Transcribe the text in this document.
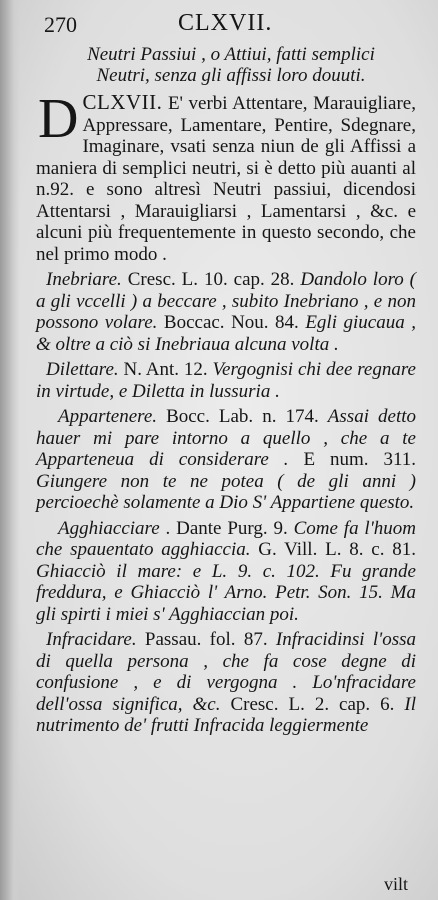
270	CLXVII.
Neutri Passiui , o Attiui, fatti semplici
Neutri, senza gli affissi loro douuti.

CLXVII.
D	E' verbi Attentare, Marauigliare, Appressare, Lamentare, Pentire, Sdegnare, Imaginare, vsati senza niun de gli Affissi a maniera di semplici neutri, si è detto più auanti al n.92. e sono altresì Neutri passiui, dicendosi Attentarsi , Marauigliarsi , Lamentarsi , &c. e alcuni più frequentemente in questo secondo, che nel primo modo .

Inebriare. Cresc. L. 10. cap. 28. Dandolo loro ( a gli vccelli ) a beccare , subito Inebriano , e non possono volare. Boccac. Nou. 84. Egli giucaua , & oltre a ciò si Inebriaua alcuna volta .

Dilettare. N. Ant. 12. Vergognisi chi dee regnare in virtude, e Diletta in lussuria .

Appartenere. Bocc. Lab. n. 174. Assai detto hauer mi pare intorno a quello , che a te Apparteneua di considerare . E num. 311. Giungere non te ne potea ( de gli anni ) percioechè solamente a Dio S' Appartiene questo.

Agghiacciare . Dante Purg. 9. Come fa l'huom che spauentato agghiaccia. G. Vill. L. 8. c. 81. Ghiacciò il mare: e L. 9. c. 102. Fu grande freddura, e Ghiacciò l' Arno. Petr. Son. 15. Ma gli spirti i miei s' Agghiaccian poi.

Infracidare. Passau. fol. 87. Infracidinsi l'ossa di quella persona , che fa cose degne di confusione , e di vergogna . Lo'nfracidare dell'ossa significa, &c. Cresc. L. 2. cap. 6. Il nutrimento de' frutti Infracida leggiermente

vilt
